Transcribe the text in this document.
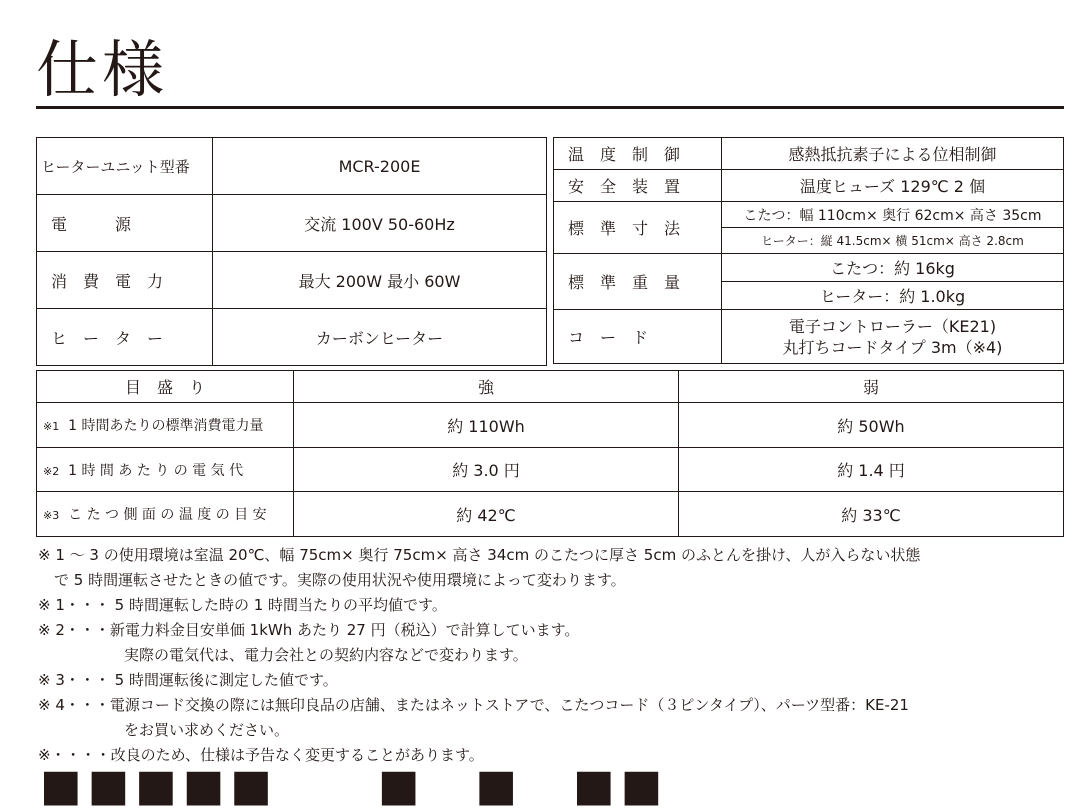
仕様
ヒーターユニット型番	MCR-200E

電　　　源	交流 100V 50-60Hz

消　費　電　力	最大 200W 最小 60W

ヒ　ー　タ　ー	カーボンヒーター
温　度　制　御	感熱抵抗素子による位相制御

安　全　装　置	温度ヒューズ 129℃ 2 個

標　準　寸　法	こたつ：幅 110cm× 奥行 62cm× 高さ 35cm
	ヒーター：縦 41.5cm× 横 51cm× 高さ 2.8cm

標　準　重　量	こたつ：約 16kg
	ヒーター：約 1.0kg

コ　ー　ド	電子コントローラー（KE21)
丸打ちコードタイプ 3m（※4)
目　盛　り	強	弱
※1 1 時間あたりの標準消費電力量	約 110Wh	約 50Wh
※2 1 時 間 あ た り の 電 気 代	約 3.0 円	約 1.4 円
※3 こ た つ 側 面 の 温 度 の 目 安	約 42℃	約 33℃
※ 1 ～ 3 の使用環境は室温 20℃、幅 75cm× 奥行 75cm× 高さ 34cm のこたつに厚さ 5cm のふとんを掛け、人が入らない状態
で 5 時間運転させたときの値です。実際の使用状況や使用環境によって変わります。
※ 1・・・ 5 時間運転した時の 1 時間当たりの平均値です。
※ 2・・・新電力料金目安単価 1kWh あたり 27 円（税込）で計算しています。
実際の電気代は、電力会社との契約内容などで変わります。
※ 3・・・ 5 時間運転後に測定した値です。
※ 4・・・電源コード交換の際には無印良品の店舗、またはネットストアで、こたつコード（３ピンタイプ）、パーツ型番：KE-21
をお買い求めください。
※・・・・改良のため、仕様は予告なく変更することがあります。
■■■■■　　■　■　■■
